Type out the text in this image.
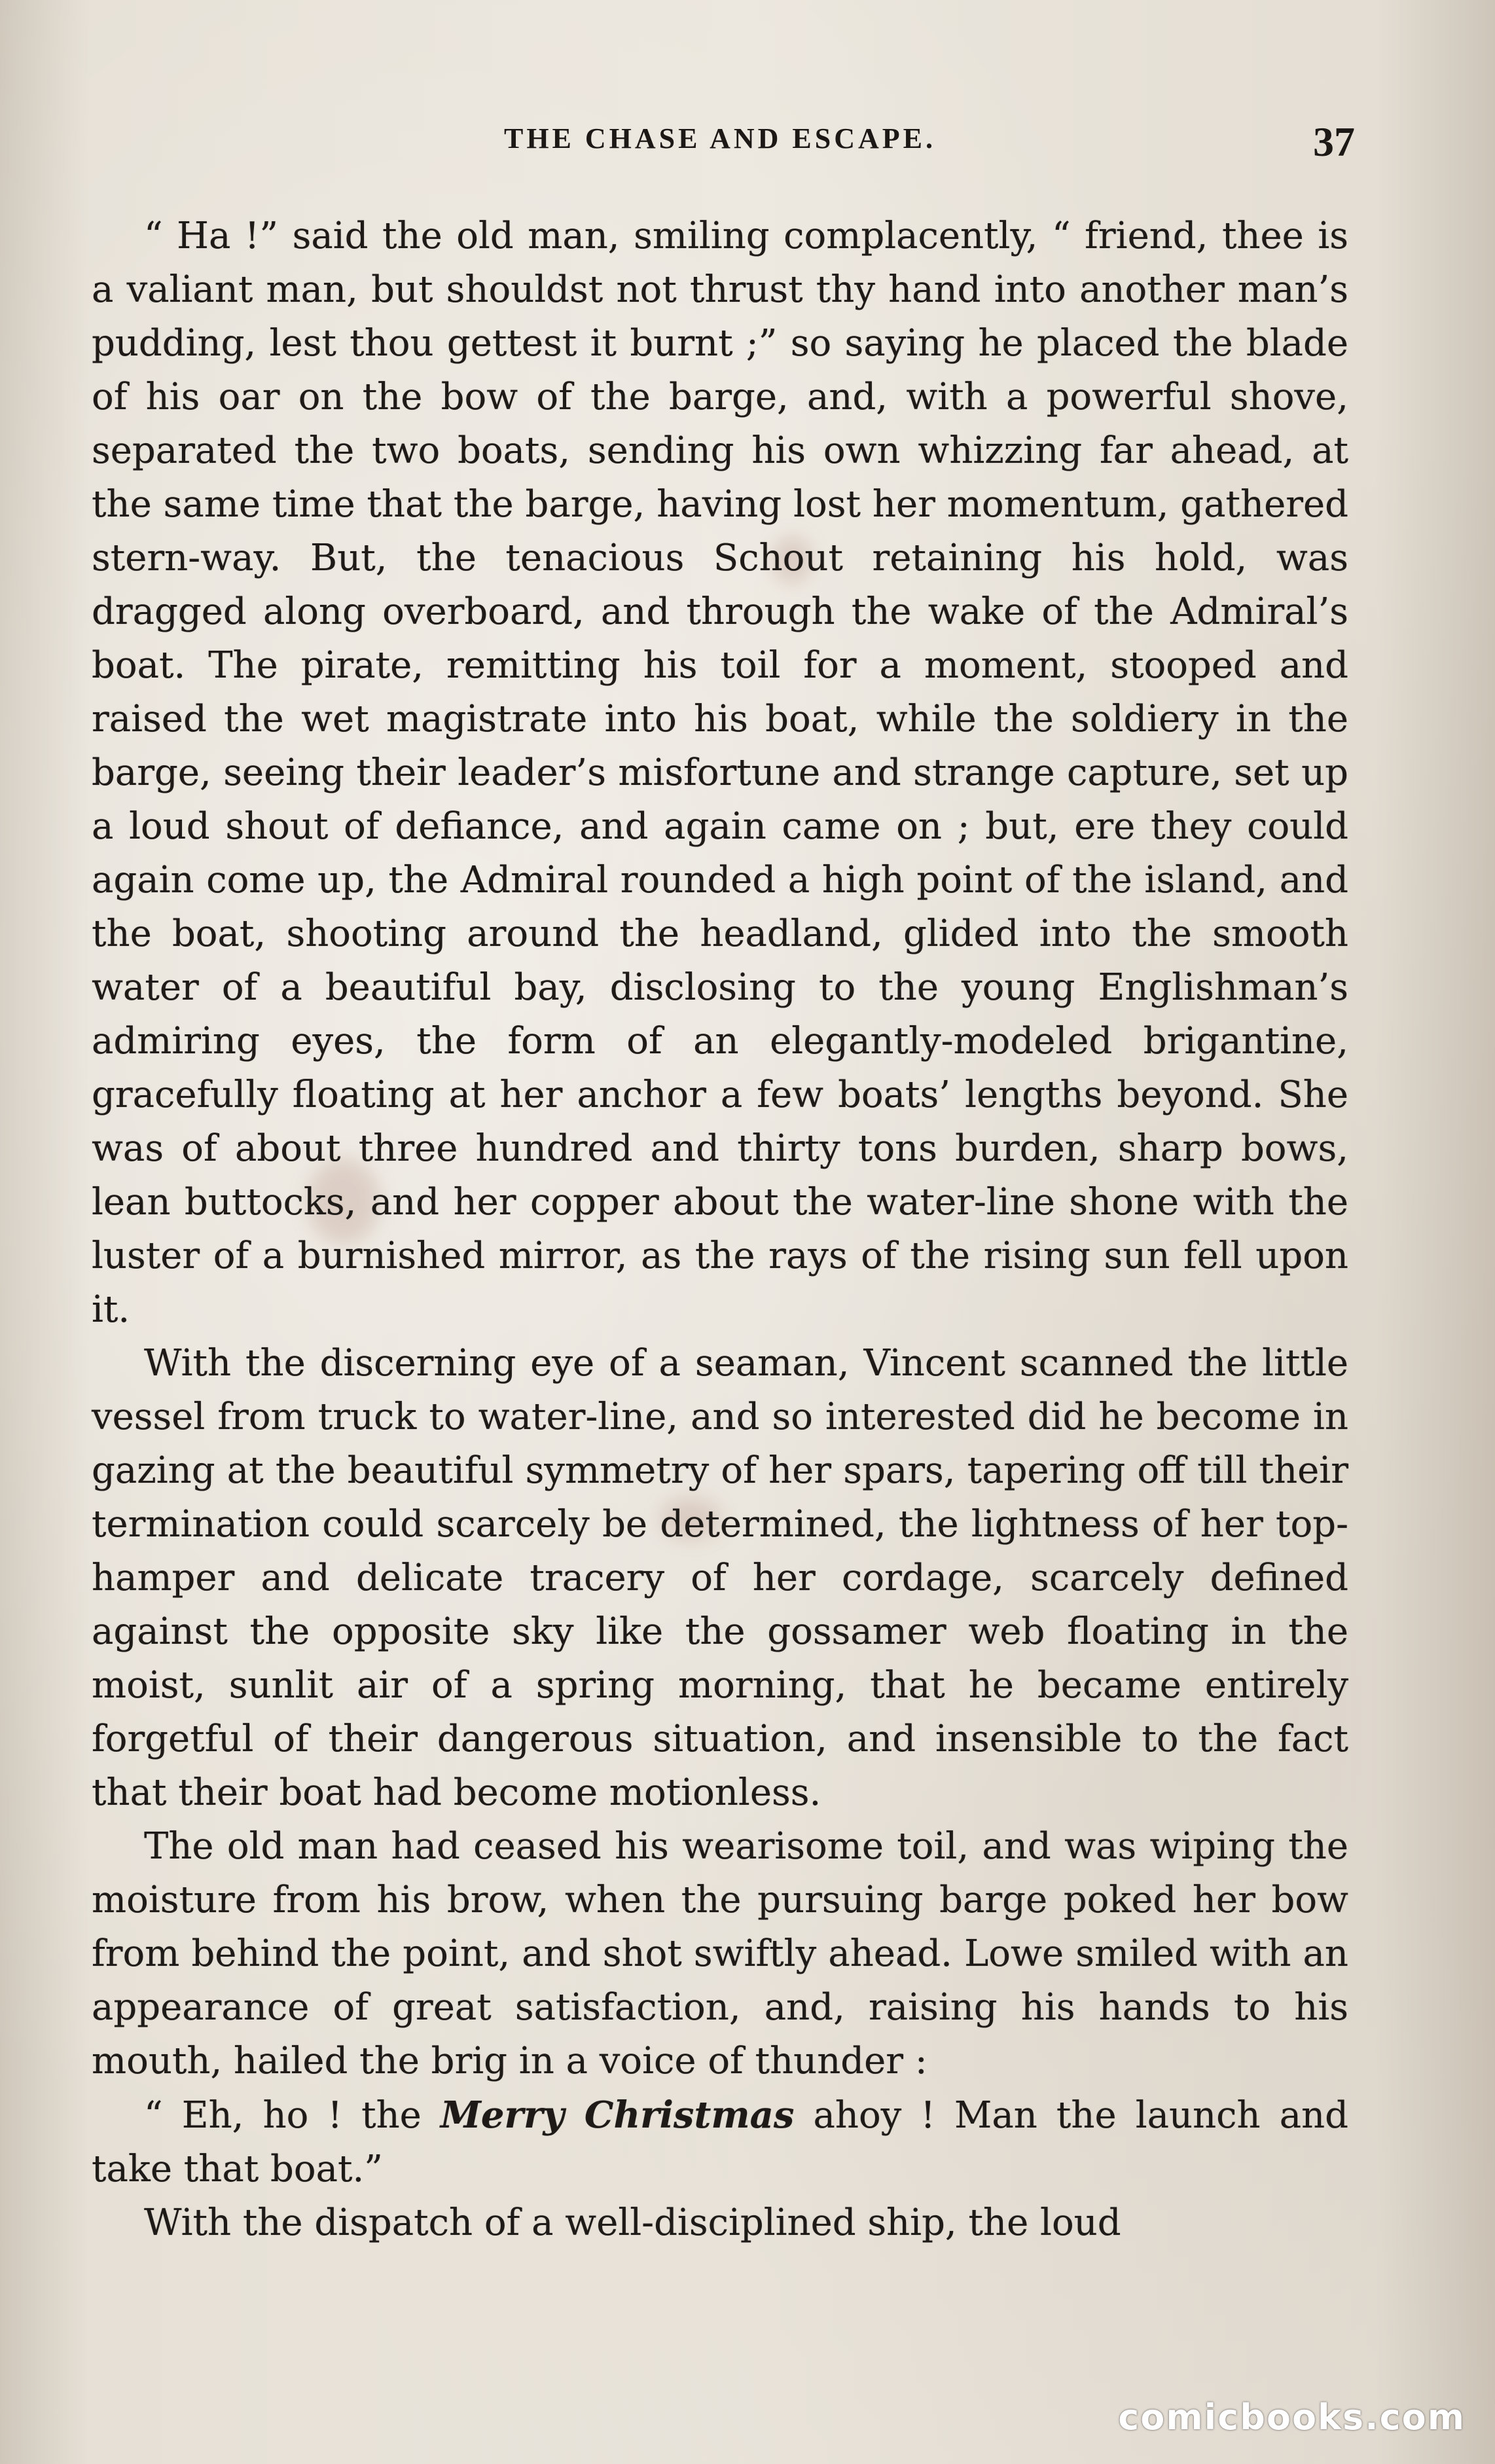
THE CHASE AND ESCAPE.	37

“ Ha !” said the old man, smiling complacently, “ friend, thee is a valiant man, but shouldst not thrust thy hand into another man’s pudding, lest thou gettest it burnt ;” so saying he placed the blade of his oar on the bow of the barge, and, with a powerful shove, separated the two boats, sending his own whizzing far ahead, at the same time that the barge, having lost her momentum, gathered stern-way. But, the tenacious Schout retaining his hold, was dragged along overboard, and through the wake of the Admiral’s boat. The pirate, remitting his toil for a moment, stooped and raised the wet magistrate into his boat, while the soldiery in the barge, seeing their leader’s misfortune and strange capture, set up a loud shout of defiance, and again came on ; but, ere they could again come up, the Admiral rounded a high point of the island, and the boat, shooting around the headland, glided into the smooth water of a beautiful bay, disclosing to the young Englishman’s admiring eyes, the form of an elegantly-modeled brigantine, gracefully floating at her anchor a few boats’ lengths beyond. She was of about three hundred and thirty tons burden, sharp bows, lean buttocks, and her copper about the water-line shone with the luster of a burnished mirror, as the rays of the rising sun fell upon it.

With the discerning eye of a seaman, Vincent scanned the little vessel from truck to water-line, and so interested did he become in gazing at the beautiful symmetry of her spars, tapering off till their termination could scarcely be determined, the lightness of her top-hamper and delicate tracery of her cordage, scarcely defined against the opposite sky like the gossamer web floating in the moist, sunlit air of a spring morning, that he became entirely forgetful of their dangerous situation, and insensible to the fact that their boat had become motionless.

The old man had ceased his wearisome toil, and was wiping the moisture from his brow, when the pursuing barge poked her bow from behind the point, and shot swiftly ahead. Lowe smiled with an appearance of great satisfaction, and, raising his hands to his mouth, hailed the brig in a voice of thunder :

“ Eh, ho ! the Merry Christmas ahoy ! Man the launch and take that boat.”

With the dispatch of a well-disciplined ship, the loud

comicbooks.com
